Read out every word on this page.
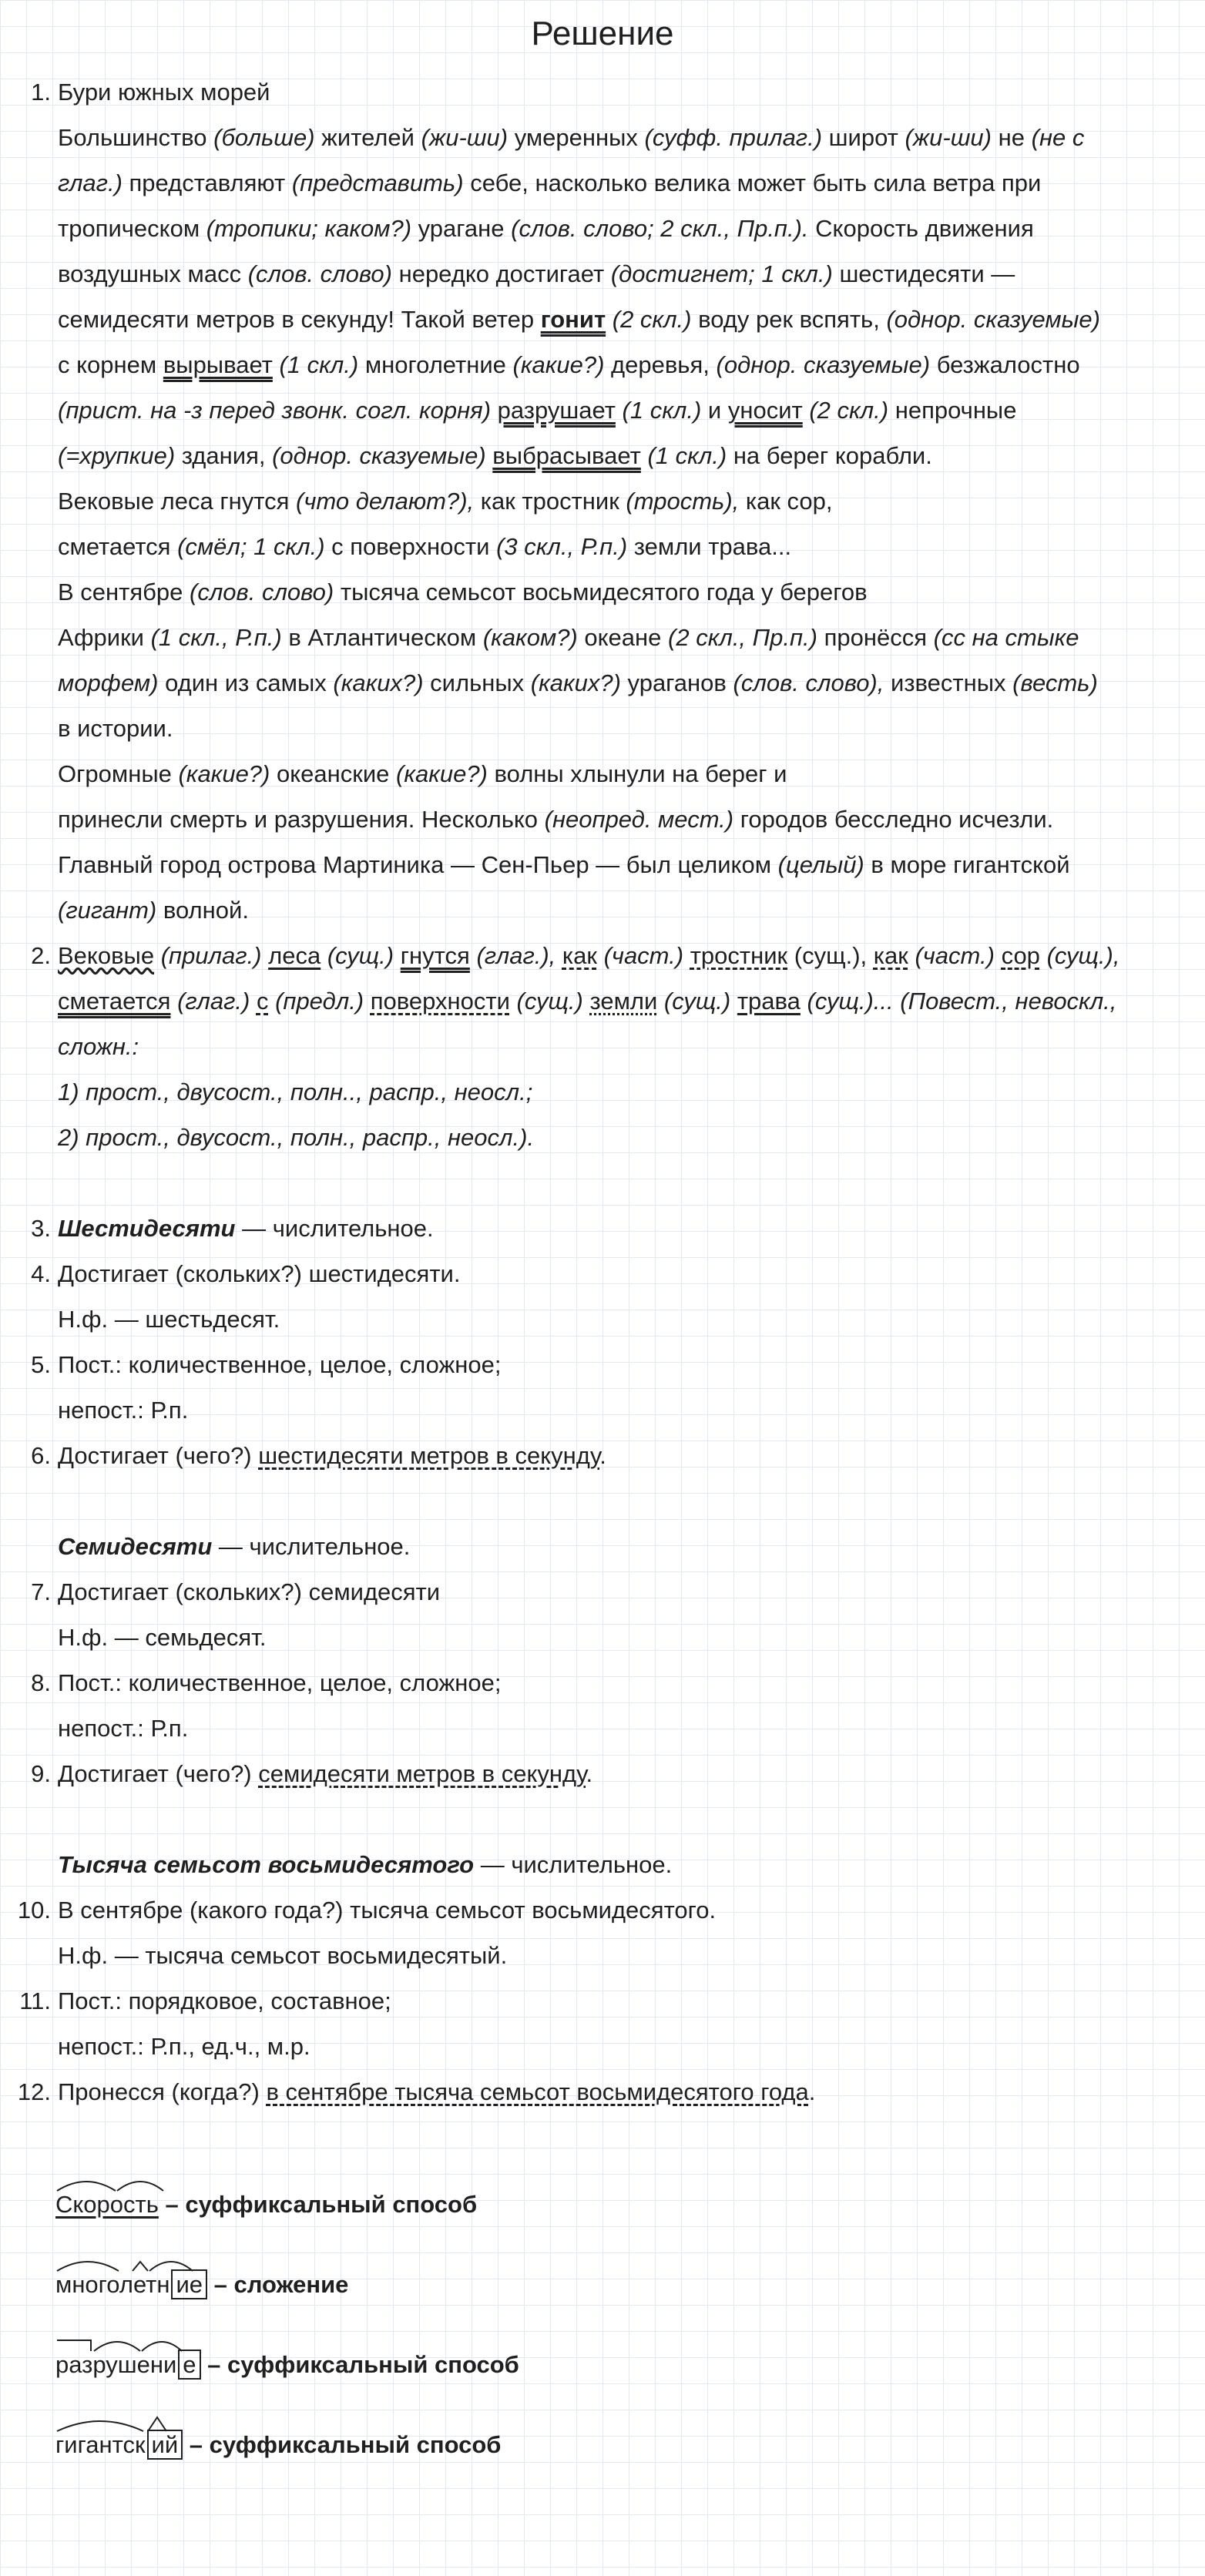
Решение
1. Бури южных морей
Большинство (больше) жителей (жи-ши) умеренных (суфф. прилаг.) широт (жи-ши) не (не с
глаг.) представляют (представить) себе, насколько велика может быть сила ветра при
тропическом (тропики; каком?) урагане (слов. слово; 2 скл., Пр.п.). Скорость движения
воздушных масс (слов. слово) нередко достигает (достигнет; 1 скл.) шестидесяти —
семидесяти метров в секунду! Такой ветер гонит (2 скл.) воду рек вспять, (однор. сказуемые)
с корнем вырывает (1 скл.) многолетние (какие?) деревья, (однор. сказуемые) безжалостно
(прист. на -з перед звонк. согл. корня) разрушает (1 скл.) и уносит (2 скл.) непрочные
(=хрупкие) здания, (однор. сказуемые) выбрасывает (1 скл.) на берег корабли.
Вековые леса гнутся (что делают?), как тростник (трость), как сор,
сметается (смёл; 1 скл.) с поверхности (3 скл., Р.п.) земли трава...
В сентябре (слов. слово) тысяча семьсот восьмидесятого года у берегов
Африки (1 скл., Р.п.) в Атлантическом (каком?) океане (2 скл., Пр.п.) пронёсся (сс на стыке
морфем) один из самых (каких?) сильных (каких?) ураганов (слов. слово), известных (весть)
в истории.
Огромные (какие?) океанские (какие?) волны хлынули на берег и
принесли смерть и разрушения. Несколько (неопред. мест.) городов бесследно исчезли.
Главный город острова Мартиника — Сен-Пьер — был целиком (целый) в море гигантской
(гигант) волной.
2. Вековые (прилаг.) леса (сущ.) гнутся (глаг.), как (част.) тростник (сущ.), как (част.) сор (сущ.),
сметается (глаг.) с (предл.) поверхности (сущ.) земли (сущ.) трава (сущ.)... (Повест., невоскл.,
сложн.:
1) прост., двусост., полн.., распр., неосл.;
2) прост., двусост., полн., распр., неосл.).
3. Шестидесяти — числительное.
4. Достигает (скольких?) шестидесяти.
Н.ф. — шестьдесят.
5. Пост.: количественное, целое, сложное;
непост.: Р.п.
6. Достигает (чего?) шестидесяти метров в секунду.
Семидесяти — числительное.
7. Достигает (скольких?) семидесяти
Н.ф. — семьдесят.
8. Пост.: количественное, целое, сложное;
непост.: Р.п.
9. Достигает (чего?) семидесяти метров в секунду.
Тысяча семьсот восьмидесятого — числительное.
10. В сентябре (какого года?) тысяча семьсот восьмидесятого.
Н.ф. — тысяча семьсот восьмидесятый.
11. Пост.: порядковое, составное;
непост.: Р.п., ед.ч., м.р.
12. Пронесся (когда?) в сентябре тысяча семьсот восьмидесятого года.
Скорость – суффиксальный способ
многолетн ие – сложение
разрушени е – суффиксальный способ
гигантск ий – суффиксальный способ
